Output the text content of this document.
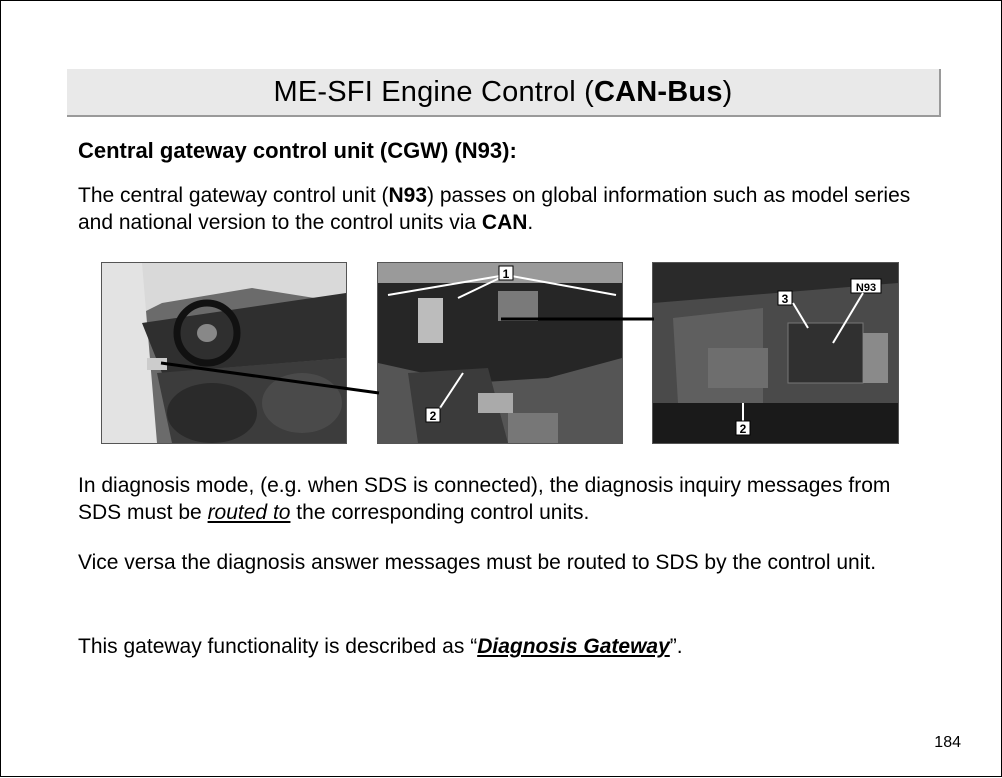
ME-SFI Engine Control ( CAN-Bus )
Central gateway control unit (CGW) (N93):
The central gateway control unit (N93) passes on global information such as model series and national version to the control units via CAN.
1
2
3
N93
2
In diagnosis mode, (e.g. when SDS is connected), the diagnosis inquiry messages from SDS must be routed to the corresponding control units.
Vice versa the diagnosis answer messages must be routed to SDS by the control unit.
This gateway functionality is described as “Diagnosis Gateway”.
184
